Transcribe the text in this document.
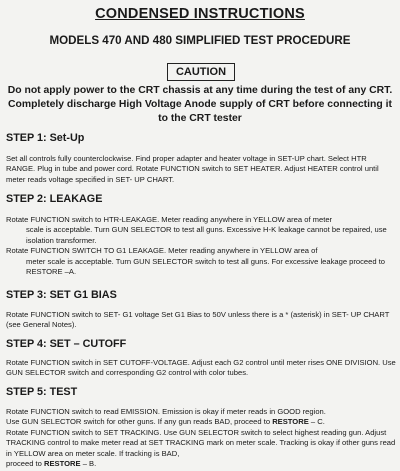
CONDENSED INSTRUCTIONS
MODELS 470 AND 480 SIMPLIFIED TEST PROCEDURE
CAUTION
Do not apply power to the CRT chassis at any time during the test of any CRT. Completely discharge High Voltage Anode supply of CRT before connecting it to the CRT tester
STEP 1: Set-Up

Set all controls fully counterclockwise. Find proper adapter and heater voltage in SET-UP chart. Select HTR RANGE. Plug in tube and power cord. Rotate FUNCTION switch to SET HEATER. Adjust HEATER control until meter reads voltage specified in SET- UP CHART.

STEP 2: LEAKAGE

Rotate FUNCTION switch to HTR-LEAKAGE. Meter reading anywhere in YELLOW area of meter

scale is acceptable. Turn GUN SELECTOR to test all guns. Excessive H-K leakage cannot be repaired, use isolation transformer.

Rotate FUNCTION SWITCH TO G1 LEAKAGE. Meter reading anywhere in YELLOW area of

meter scale is acceptable. Turn GUN SELECTOR switch to test all guns. For excessive leakage proceed to RESTORE –A.

STEP 3: SET G1 BIAS

Rotate FUNCTION switch to SET- G1 voltage Set G1 Bias to 50V unless there is a * (asterisk) in SET- UP CHART (see General Notes).

STEP 4: SET – CUTOFF

Rotate FUNCTION switch in SET CUTOFF-VOLTAGE. Adjust each G2 control until meter rises ONE DIVISION. Use GUN SELECTOR switch and corresponding G2 control with color tubes.

STEP 5: TEST

Rotate FUNCTION switch to read EMISSION. Emission is okay if meter reads in GOOD region.

Use GUN SELECTOR switch for other guns. If any gun reads BAD, proceed to RESTORE – C.

Rotate FUNCTION switch to SET TRACKING. Use GUN SELECTOR switch to select highest reading gun. Adjust TRACKING control to make meter read at SET TRACKING mark on meter scale. Tracking is okay if other guns read in YELLOW area on meter scale. If tracking is BAD,

proceed to RESTORE – B.
